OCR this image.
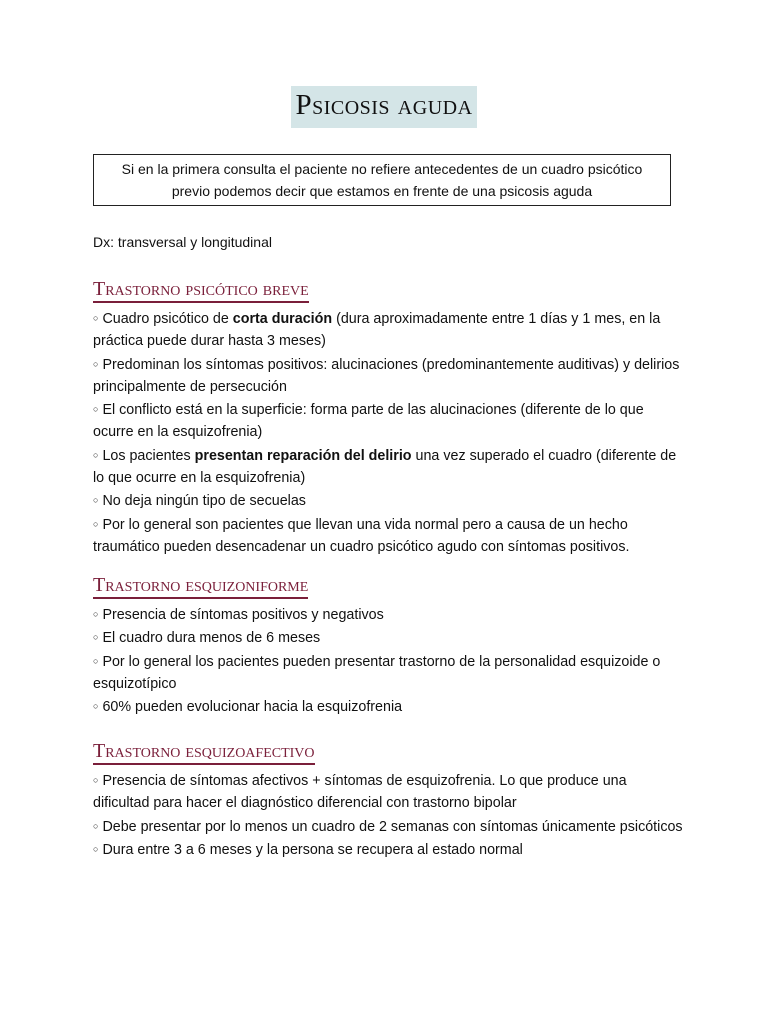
Psicosis aguda
Si en la primera consulta el paciente no refiere antecedentes de un cuadro psicótico previo podemos decir que estamos en frente de una psicosis aguda

Dx: transversal y longitudinal

Trastorno psicótico breve
○ Cuadro psicótico de corta duración (dura aproximadamente entre 1 días y 1 mes, en la práctica puede durar hasta 3 meses)
○ Predominan los síntomas positivos: alucinaciones (predominantemente auditivas) y delirios principalmente de persecución
○ El conflicto está en la superficie: forma parte de las alucinaciones (diferente de lo que ocurre en la esquizofrenia)
○ Los pacientes presentan reparación del delirio una vez superado el cuadro (diferente de lo que ocurre en la esquizofrenia)
○ No deja ningún tipo de secuelas
○ Por lo general son pacientes que llevan una vida normal pero a causa de un hecho traumático pueden desencadenar un cuadro psicótico agudo con síntomas positivos.
Trastorno esquizoniforme
○ Presencia de síntomas positivos y negativos
○ El cuadro dura menos de 6 meses
○ Por lo general los pacientes pueden presentar trastorno de la personalidad esquizoide o esquizotípico
○ 60% pueden evolucionar hacia la esquizofrenia
Trastorno esquizoafectivo
○ Presencia de síntomas afectivos + síntomas de esquizofrenia. Lo que produce una dificultad para hacer el diagnóstico diferencial con trastorno bipolar
○ Debe presentar por lo menos un cuadro de 2 semanas con síntomas únicamente psicóticos
○ Dura entre 3 a 6 meses y la persona se recupera al estado normal
